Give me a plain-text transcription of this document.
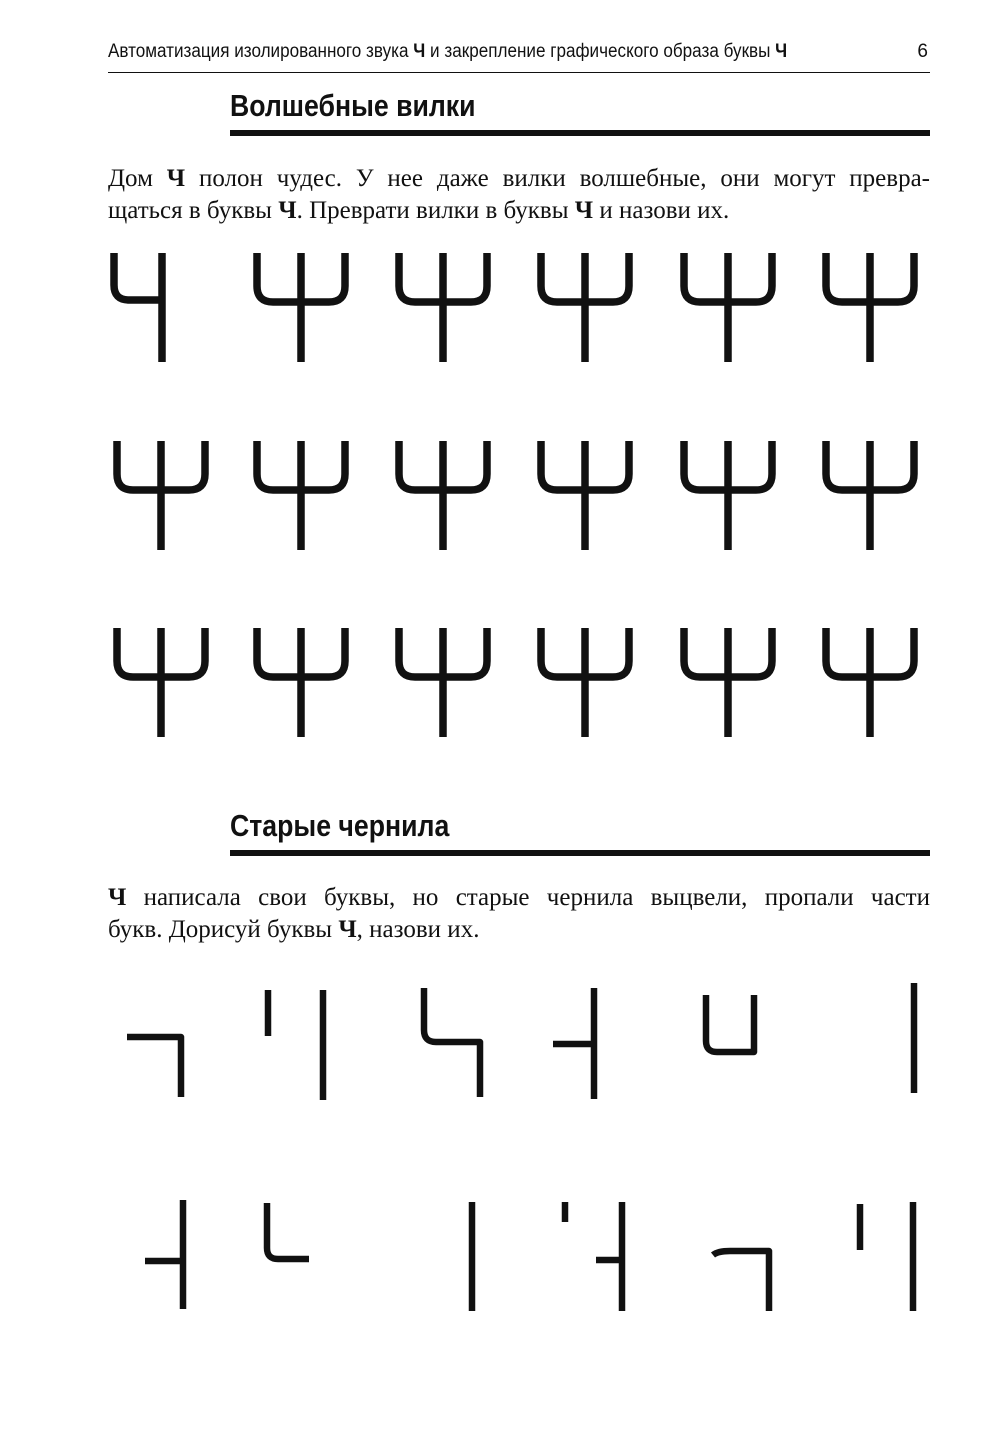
Автоматизация изолированного звука Ч и закрепление графического образа буквы Ч	6
Волшебные вилки
Дом Ч полон чудес. У нее даже вилки волшебные, они могут превра-
щаться в буквы Ч. Преврати вилки в буквы Ч и назови их.
Старые чернила
Ч написала свои буквы, но старые чернила выцвели, пропали части
букв. Дорисуй буквы Ч, назови их.
